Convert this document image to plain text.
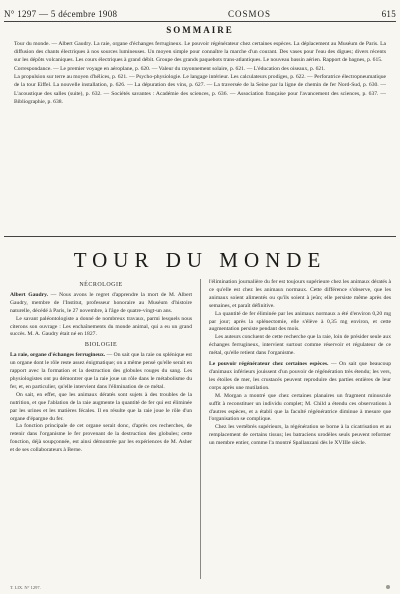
N° 1297 — 5 décembre 1908	COSMOS	615
SOMMAIRE

Tour du monde. — Albert Gaudry. La raie, organe d'échanges ferrugineux. Le pouvoir régénérateur chez certaines espèces. La déplacement au Muséum de Paris. La diffusion des chants électriques à nos sources lumineuses. Un moyen simple pour connaître la marche d'un courant. Des vases pour l'eau des digues; divers récents sur les dépôts volcaniques. Les cours électriques à grand débit. Groupe des grands paquebots trans-atlantiques. Le nouveau bassin aérien. Rapport de bagnes, p. 615.

Correspondance. — Le premier voyage en aéroplane, p. 620. — Valeur du rayonnement solaire, p. 621. — L'éducation des oiseaux, p. 621.

La propulsion sur terre au moyen d'hélices, p. 621. — Psycho-physiologie. Le langage intérieur. Les calculateurs prodiges, p. 622. — Perforatrice électropneumatique de la tour Eiffel. La nouvelle installation, p. 626. — La dépuration des vins, p. 627. — La traversée de la Seine par la ligne de chemin de fer Nord-Sud, p. 630. — L'acoustique des salles (suite), p. 632. — Sociétés savantes : Académie des sciences, p. 636. — Association française pour l'avancement des sciences, p. 637. — Bibliographie, p. 638.

TOUR DU MONDE
NÉCROLOGIE

Albert Gaudry. — Nous avons le regret d'apprendre la mort de M. Albert Gaudry, membre de l'Institut, professeur honoraire au Muséum d'histoire naturelle, décédé à Paris, le 27 novembre, à l'âge de quatre-vingt-un ans.

Le savant paléontologiste a donné de nombreux travaux, parmi lesquels nous citerons son ouvrage : Les enchaînements du monde animal, qui a eu un grand succès. M. A. Gaudry était né en 1827.

BIOLOGIE

La raie, organe d'échanges ferrugineux. — On sait que la raie ou splénique est un organe dont le rôle reste assez énigmatique; on a même pensé qu'elle serait en rapport avec la formation et la destruction des globules rouges du sang. Les physiologistes ont pu démontrer que la raie joue un rôle dans le métabolisme du fer, et, en particulier, qu'elle intervient dans l'élimination de ce métal.

On sait, en effet, que les animaux dératés sont sujets à des troubles de la nutrition, et que l'ablation de la raie augmente la quantité de fer qui est éliminée par les urines et les matières fécales. Il en résulte que la raie joue le rôle d'un organe d'épargne du fer.

La fonction principale de cet organe serait donc, d'après ces recherches, de retenir dans l'organisme le fer provenant de la destruction des globules; cette fonction, déjà soupçonnée, est ainsi démontrée par les expériences de M. Asher et de ses collaborateurs à Berne.

l'élimination journalière du fer est toujours supérieure chez les animaux dératés à ce qu'elle est chez les animaux normaux. Cette différence s'observe, que les animaux soient alimentés ou qu'ils soient à jeûn; elle persiste même après des semaines, et paraît définitive.

La quantité de fer éliminée par les animaux normaux a été d'environ 0,20 mg par jour; après la splénectomie, elle s'élève à 0,35 mg environ, et cette augmentation persiste pendant des mois.

Les auteurs concluent de cette recherche que la raie, loin de présider seule aux échanges ferrugineux, intervient surtout comme réservoir et régulateur de ce métal, qu'elle retient dans l'organisme.

Le pouvoir régénérateur chez certaines espèces. — On sait que beaucoup d'animaux inférieurs jouissent d'un pouvoir de régénération très étendu; les vers, les étoiles de mer, les crustacés peuvent reproduire des parties entières de leur corps après une mutilation.

M. Morgan a montré que chez certaines planaires un fragment minuscule suffit à reconstituer un individu complet; M. Child a étendu ces observations à d'autres espèces, et a établi que la faculté régénératrice diminue à mesure que l'organisation se complique.

Chez les vertébrés supérieurs, la régénération se borne à la cicatrisation et au remplacement de certains tissus; les batraciens urodèles seuls peuvent reformer un membre entier, comme l'a montré Spallanzani dès le XVIIIe siècle.

T. LIX. N° 1297.
